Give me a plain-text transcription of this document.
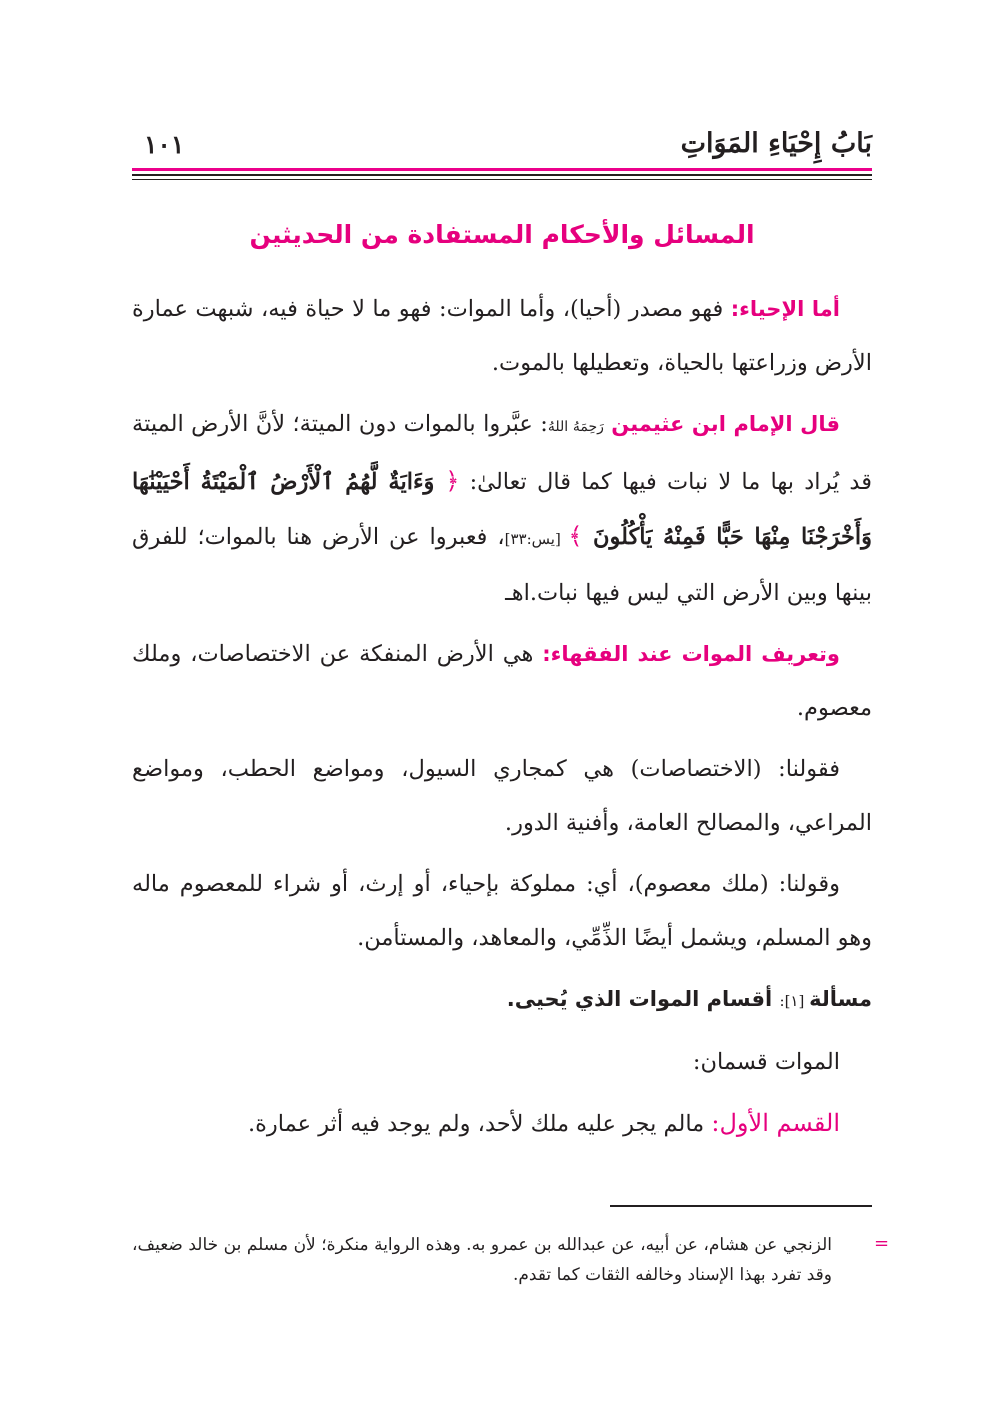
بَابُ إِحْيَاءِ المَوَاتِ
١٠١
المسائل والأحكام المستفادة من الحديثين

أما الإحياء: فهو مصدر (أحيا)، وأما الموات: فهو ما لا حياة فيه، شبهت عمارة الأرض وزراعتها بالحياة، وتعطيلها بالموت.

قال الإمام ابن عثيمين رَحِمَهُ اللهُ: عبَّروا بالموات دون الميتة؛ لأنَّ الأرض الميتة قد يُراد بها ما لا نبات فيها كما قال تعالىٰ: ﴿ وَءَايَةٌ لَّهُمُ ٱلْأَرْضُ ٱلْمَيْتَةُ أَحْيَيْنَٰهَا وَأَخْرَجْنَا مِنْهَا حَبًّا فَمِنْهُ يَأْكُلُونَ ﴾ [يس:٣٣]، فعبروا عن الأرض هنا بالموات؛ للفرق بينها وبين الأرض التي ليس فيها نبات.اهـ

وتعريف الموات عند الفقهاء: هي الأرض المنفكة عن الاختصاصات، وملك معصوم.

فقولنا: (الاختصاصات) هي كمجاري السيول، ومواضع الحطب، ومواضع المراعي، والمصالح العامة، وأفنية الدور.

وقولنا: (ملك معصوم)، أي: مملوكة بإحياء، أو إرث، أو شراء للمعصوم ماله وهو المسلم، ويشمل أيضًا الذِّمِّي، والمعاهد، والمستأمن.

مسألة [١]: أقسام الموات الذي يُحيى.

الموات قسمان:

القسم الأول: مالم يجر عليه ملك لأحد، ولم يوجد فيه أثر عمارة.

=
الزنجي عن هشام، عن أبيه، عن عبدالله بن عمرو به. وهذه الرواية منكرة؛ لأن مسلم بن خالد ضعيف، وقد تفرد بهذا الإسناد وخالفه الثقات كما تقدم.
